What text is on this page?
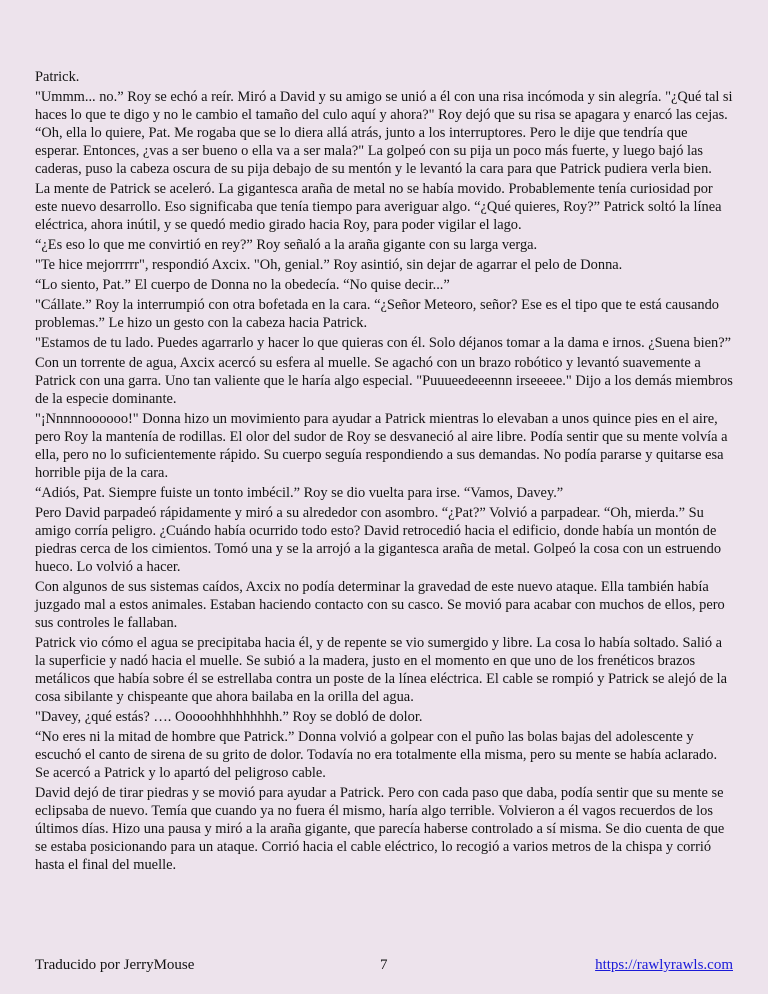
Patrick.

"Ummm... no.” Roy se echó a reír. Miró a David y su amigo se unió a él con una risa incómoda y sin alegría. "¿Qué tal si haces lo que te digo y no le cambio el tamaño del culo aquí y ahora?" Roy dejó que su risa se apagara y enarcó las cejas. “Oh, ella lo quiere, Pat. Me rogaba que se lo diera allá atrás, junto a los interruptores. Pero le dije que tendría que esperar. Entonces, ¿vas a ser bueno o ella va a ser mala?" La golpeó con su pija un poco más fuerte, y luego bajó las caderas, puso la cabeza oscura de su pija debajo de su mentón y le levantó la cara para que Patrick pudiera verla bien.

La mente de Patrick se aceleró. La gigantesca araña de metal no se había movido. Probablemente tenía curiosidad por este nuevo desarrollo. Eso significaba que tenía tiempo para averiguar algo. “¿Qué quieres, Roy?” Patrick soltó la línea eléctrica, ahora inútil, y se quedó medio girado hacia Roy, para poder vigilar el lago.

“¿Es eso lo que me convirtió en rey?” Roy señaló a la araña gigante con su larga verga.

"Te hice mejorrrrr", respondió Axcix. "Oh, genial.” Roy asintió, sin dejar de agarrar el pelo de Donna.

“Lo siento, Pat.” El cuerpo de Donna no la obedecía. “No quise decir...”

"Cállate.” Roy la interrumpió con otra bofetada en la cara. “¿Señor Meteoro, señor? Ese es el tipo que te está causando problemas.” Le hizo un gesto con la cabeza hacia Patrick.

"Estamos de tu lado. Puedes agarrarlo y hacer lo que quieras con él. Solo déjanos tomar a la dama e irnos. ¿Suena bien?”

Con un torrente de agua, Axcix acercó su esfera al muelle. Se agachó con un brazo robótico y levantó suavemente a Patrick con una garra. Uno tan valiente que le haría algo especial. "Puuueedeeennn irseeeee." Dijo a los demás miembros de la especie dominante.

"¡Nnnnnoooooo!" Donna hizo un movimiento para ayudar a Patrick mientras lo elevaban a unos quince pies en el aire, pero Roy la mantenía de rodillas. El olor del sudor de Roy se desvaneció al aire libre. Podía sentir que su mente volvía a ella, pero no lo suficientemente rápido. Su cuerpo seguía respondiendo a sus demandas. No podía pararse y quitarse esa horrible pija de la cara.

“Adiós, Pat. Siempre fuiste un tonto imbécil.” Roy se dio vuelta para irse. “Vamos, Davey.”

Pero David parpadeó rápidamente y miró a su alrededor con asombro. “¿Pat?” Volvió a parpadear. “Oh, mierda.” Su amigo corría peligro. ¿Cuándo había ocurrido todo esto? David retrocedió hacia el edificio, donde había un montón de piedras cerca de los cimientos. Tomó una y se la arrojó a la gigantesca araña de metal. Golpeó la cosa con un estruendo hueco. Lo volvió a hacer.

Con algunos de sus sistemas caídos, Axcix no podía determinar la gravedad de este nuevo ataque. Ella también había juzgado mal a estos animales. Estaban haciendo contacto con su casco. Se movió para acabar con muchos de ellos, pero sus controles le fallaban.

Patrick vio cómo el agua se precipitaba hacia él, y de repente se vio sumergido y libre. La cosa lo había soltado. Salió a la superficie y nadó hacia el muelle. Se subió a la madera, justo en el momento en que uno de los frenéticos brazos metálicos que había sobre él se estrellaba contra un poste de la línea eléctrica. El cable se rompió y Patrick se alejó de la cosa sibilante y chispeante que ahora bailaba en la orilla del agua.

"Davey, ¿qué estás? …. Ooooohhhhhhhhh.” Roy se dobló de dolor.

“No eres ni la mitad de hombre que Patrick.” Donna volvió a golpear con el puño las bolas bajas del adolescente y escuchó el canto de sirena de su grito de dolor. Todavía no era totalmente ella misma, pero su mente se había aclarado. Se acercó a Patrick y lo apartó del peligroso cable.

David dejó de tirar piedras y se movió para ayudar a Patrick. Pero con cada paso que daba, podía sentir que su mente se eclipsaba de nuevo. Temía que cuando ya no fuera él mismo, haría algo terrible. Volvieron a él vagos recuerdos de los últimos días. Hizo una pausa y miró a la araña gigante, que parecía haberse controlado a sí misma. Se dio cuenta de que se estaba posicionando para un ataque. Corrió hacia el cable eléctrico, lo recogió a varios metros de la chispa y corrió hasta el final del muelle.

Traducido por JerryMouse	7	https://rawlyrawls.com
